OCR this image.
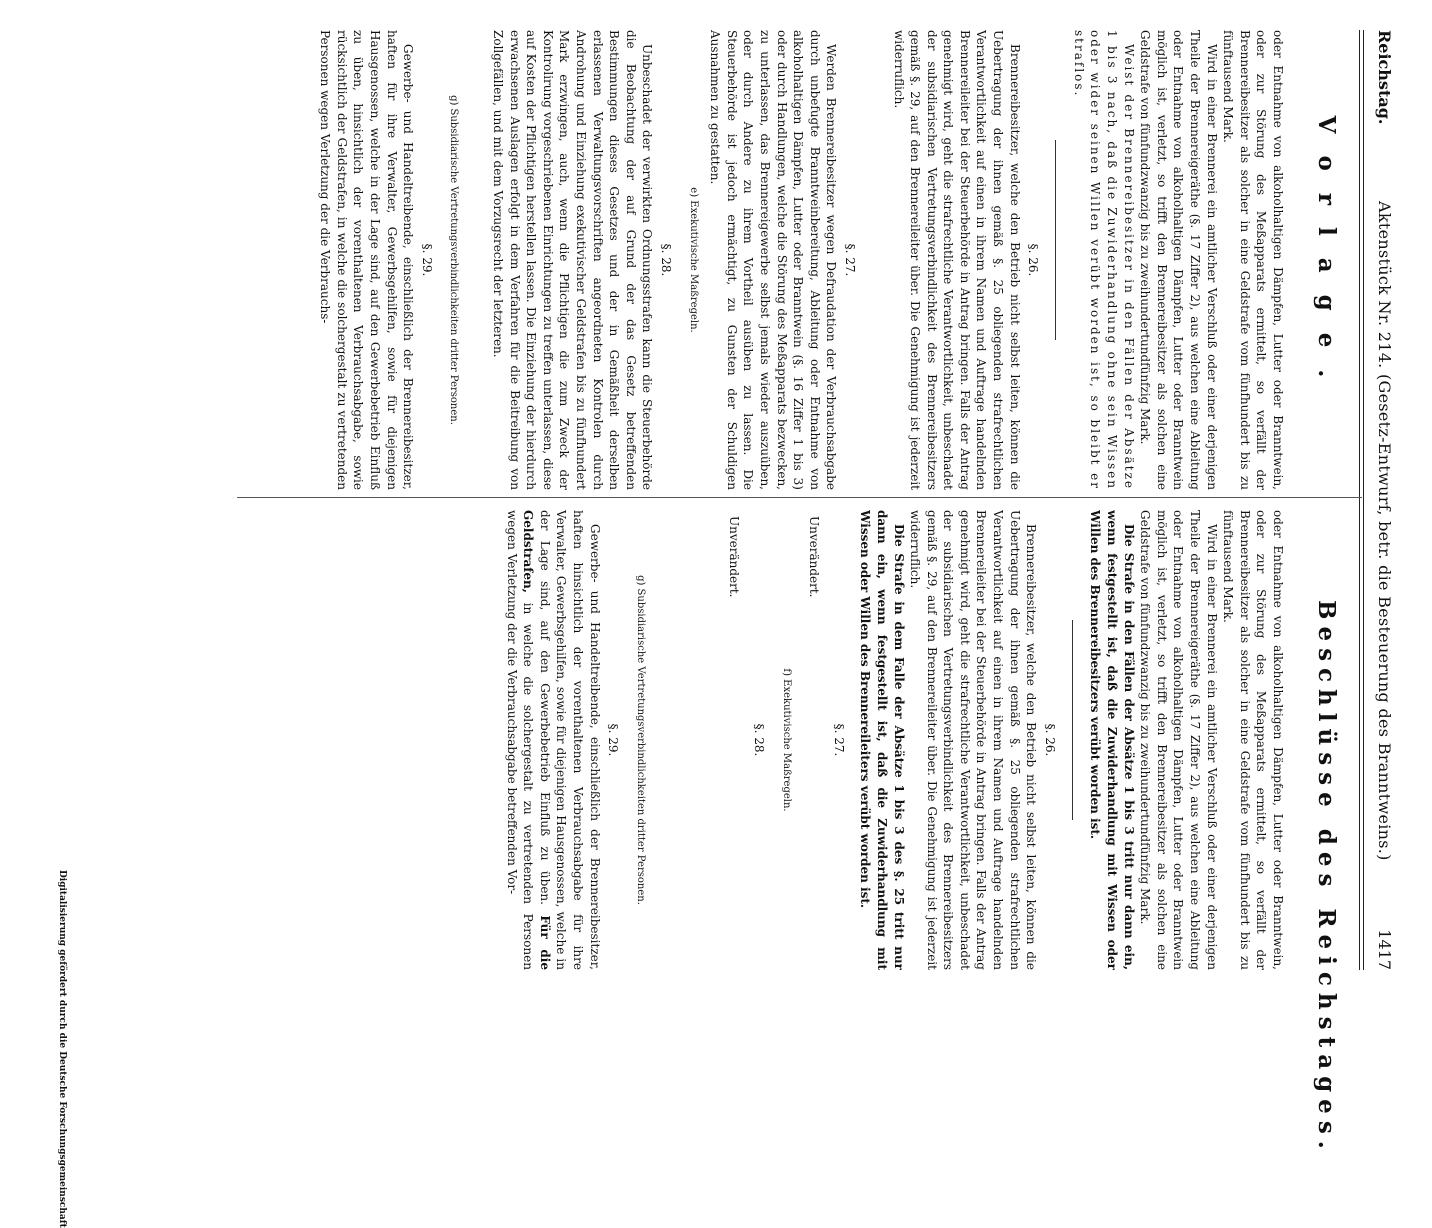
Reichstag.
Aktenstück Nr. 214. (Gesetz-Entwurf, betr. die Besteuerung des Branntweins.)
1417
V o r l a g e .
Beschlüsse des Reichstages.

oder Entnahme von alkoholhaltigen Dämpfen, Lutter oder Branntwein, oder zur Störung des Meßapparats ermittelt, so verfällt der Brennereibesitzer als solcher in eine Geldstrafe vom fünfhundert bis zu fünftausend Mark.

Wird in einer Brennerei ein amtlicher Verschluß oder einer derjenigen Theile der Brennereigeräthe (§. 17 Ziffer 2), aus welchen eine Ableitung oder Entnahme von alkoholhaltigen Dämpfen, Lutter oder Branntwein möglich ist, verletzt, so trifft den Brennereibesitzer als solchen eine Geldstrafe von fünfundzwanzig bis zu zweihundertundfünfzig Mark.

Weist der Brennereibesitzer in den Fällen der Absätze 1 bis 3 nach, daß die Zuwiderhandlung ohne sein Wissen oder wider seinen Willen verübt worden ist, so bleibt er straflos.

§. 26.

Brennereibesitzer, welche den Betrieb nicht selbst leiten, können die Uebertragung der ihnen gemäß §. 25 obliegenden strafrechtlichen Verantwortlichkeit auf einen in ihrem Namen und Auftrage handelnden Brennereileiter bei der Steuerbehörde in Antrag bringen. Falls der Antrag genehmigt wird, geht die strafrechtliche Verantwortlichkeit, unbeschadet der subsidiarischen Vertretungsverbindlichkeit des Brennereibesitzers gemäß §. 29, auf den Brennereileiter über. Die Genehmigung ist jederzeit widerruflich.

§. 27.

Werden Brennereibesitzer wegen Defraudation der Verbrauchsabgabe durch unbefugte Branntweinbereitung, Ableitung oder Entnahme von alkoholhaltigen Dämpfen, Lutter oder Branntwein (§. 16 Ziffer 1 bis 3) oder durch Handlungen, welche die Störung des Meßapparats bezwecken, zu unterlassen, das Brennereigewerbe selbst jemals wieder auszuüben, oder durch Andere zu ihrem Vortheil ausüben zu lassen. Die Steuerbehörde ist jedoch ermächtigt, zu Gunsten der Schuldigen Ausnahmen zu gestatten.

e) Exekutivische Maßregeln.

§. 28.

Unbeschadet der verwirkten Ordnungsstrafen kann die Steuerbehörde die Beobachtung der auf Grund der das Gesetz betreffenden Bestimmungen dieses Gesetzes und der in Gemäßheit derselben erlassenen Verwaltungsvorschriften angeordneten Kontrolen durch Androhung und Einziehung exekutivischer Geldstrafen bis zu fünfhundert Mark erzwingen, auch, wenn die Pflichtigen die zum Zweck der Kontrolirung vorgeschriebenen Einrichtungen zu treffen unterlassen, diese auf Kosten der Pflichtigen herstellen lassen. Die Einziehung der hierdurch erwachsenen Auslagen erfolgt in dem Verfahren für die Beitreibung von Zollgefällen, und mit dem Vorzugsrecht der letzteren.

g) Subsidiarische Vertretungsverbindlichkeiten dritter Personen.

§. 29.

Gewerbe- und Handeltreibende, einschließlich der Brennereibesitzer, haften für ihre Verwalter, Gewerbsgehilfen, sowie für diejenigen Hausgenossen, welche in der Lage sind, auf den Gewerbebetrieb Einfluß zu üben, hinsichtlich der vorenthaltenen Verbrauchsabgabe, sowie rücksichtlich der Geldstrafen, in welche die solchergestalt zu vertretenden Personen wegen Verletzung der die Verbrauchs-

oder Entnahme von alkoholhaltigen Dämpfen, Lutter oder Branntwein, oder zur Störung des Meßapparats ermittelt, so verfällt der Brennereibesitzer als solcher in eine Geldstrafe vom fünfhundert bis zu fünftausend Mark.

Wird in einer Brennerei ein amtlicher Verschluß oder einer derjenigen Theile der Brennereigeräthe (§. 17 Ziffer 2), aus welchen eine Ableitung oder Entnahme von alkoholhaltigen Dämpfen, Lutter oder Branntwein möglich ist, verletzt, so trifft den Brennereibesitzer als solchen eine Geldstrafe von fünfundzwanzig bis zu zweihundertundfünfzig Mark.

Die Strafe in den Fällen der Absätze 1 bis 3 tritt nur dann ein, wenn festgestellt ist, daß die Zuwiderhandlung mit Wissen oder Willen des Brennereibesitzers verübt worden ist.

§. 26.

Brennereibesitzer, welche den Betrieb nicht selbst leiten, können die Uebertragung der ihnen gemäß §. 25 obliegenden strafrechtlichen Verantwortlichkeit auf einen in ihrem Namen und Auftrage handelnden Brennereileiter bei der Steuerbehörde in Antrag bringen. Falls der Antrag genehmigt wird, geht die strafrechtliche Verantwortlichkeit, unbeschadet der subsidiarischen Vertretungsverbindlichkeit des Brennereibesitzers gemäß §. 29, auf den Brennereileiter über. Die Genehmigung ist jederzeit widerruflich.

Die Strafe in dem Falle der Absätze 1 bis 3 des §. 25 tritt nur dann ein, wenn festgestellt ist, daß die Zuwiderhandlung mit Wissen oder Willen des Brennereileiters verübt worden ist.

§. 27.

Unverändert.

f) Exekutivische Maßregeln.

§. 28.

Unverändert.

g) Subsidiarische Vertretungsverbindlichkeiten dritter Personen.

§. 29.

Gewerbe- und Handeltreibende, einschließlich der Brennereibesitzer, haften hinsichtlich der vorenthaltenen Verbrauchsabgabe für ihre Verwalter, Gewerbsgehilfen, sowie für diejenigen Hausgenossen, welche in der Lage sind, auf den Gewerbebetrieb Einfluß zu üben. Für die Geldstrafen, in welche die solchergestalt zu vertretenden Personen wegen Verletzung der die Verbrauchsabgabe betreffenden Vor-

Digitalisierung gefördert durch die Deutsche Forschungsgemeinschaft
